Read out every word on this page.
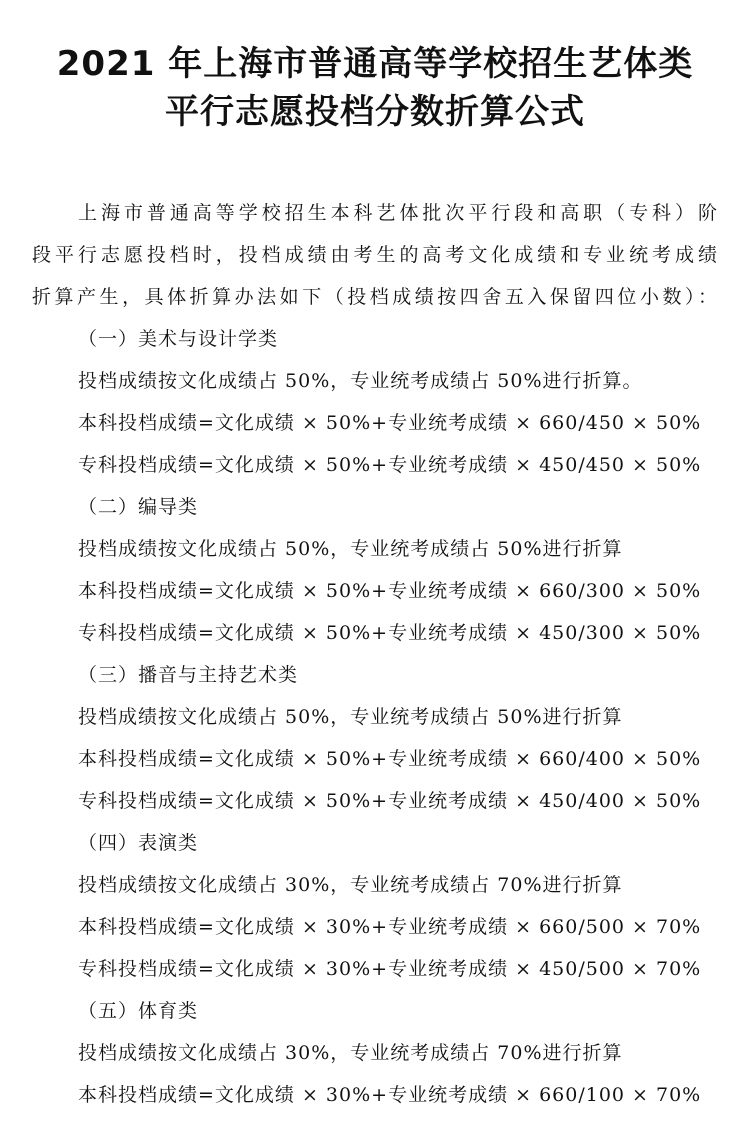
2021 年上海市普通高等学校招生艺体类
平行志愿投档分数折算公式
上海市普通高等学校招生本科艺体批次平行段和高职（专科）阶
段平行志愿投档时，投档成绩由考生的高考文化成绩和专业统考成绩
折算产生，具体折算办法如下（投档成绩按四舍五入保留四位小数）：
（一）美术与设计学类
投档成绩按文化成绩占 50%，专业统考成绩占 50%进行折算。
本科投档成绩=文化成绩 × 50%+专业统考成绩 × 660/450 × 50%
专科投档成绩=文化成绩 × 50%+专业统考成绩 × 450/450 × 50%
（二）编导类
投档成绩按文化成绩占 50%，专业统考成绩占 50%进行折算
本科投档成绩=文化成绩 × 50%+专业统考成绩 × 660/300 × 50%
专科投档成绩=文化成绩 × 50%+专业统考成绩 × 450/300 × 50%
（三）播音与主持艺术类
投档成绩按文化成绩占 50%，专业统考成绩占 50%进行折算
本科投档成绩=文化成绩 × 50%+专业统考成绩 × 660/400 × 50%
专科投档成绩=文化成绩 × 50%+专业统考成绩 × 450/400 × 50%
（四）表演类
投档成绩按文化成绩占 30%，专业统考成绩占 70%进行折算
本科投档成绩=文化成绩 × 30%+专业统考成绩 × 660/500 × 70%
专科投档成绩=文化成绩 × 30%+专业统考成绩 × 450/500 × 70%
（五）体育类
投档成绩按文化成绩占 30%，专业统考成绩占 70%进行折算
本科投档成绩=文化成绩 × 30%+专业统考成绩 × 660/100 × 70%
